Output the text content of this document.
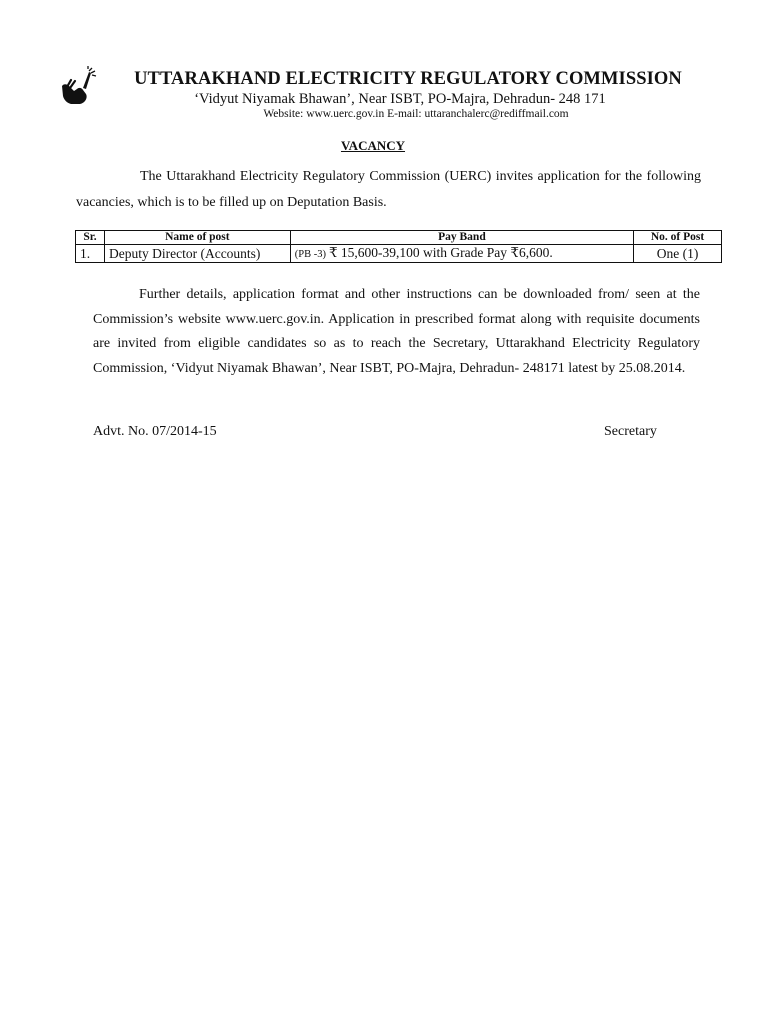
UTTARAKHAND ELECTRICITY REGULATORY COMMISSION
‘Vidyut Niyamak Bhawan’, Near ISBT, PO-Majra, Dehradun- 248 171
Website: www.uerc.gov.in E-mail: uttaranchalerc@rediffmail.com
VACANCY
The Uttarakhand Electricity Regulatory Commission (UERC) invites application for the following vacancies, which is to be filled up on Deputation Basis.
Sr.	Name of post	Pay Band	No. of Post
1.	Deputy Director (Accounts)	(PB -3) ₹ 15,600-39,100 with Grade Pay ₹6,600.	One (1)
Further details, application format and other instructions can be downloaded from/ seen at the Commission’s website www.uerc.gov.in. Application in prescribed format along with requisite documents are invited from eligible candidates so as to reach the Secretary, Uttarakhand Electricity Regulatory Commission, ‘Vidyut Niyamak Bhawan’, Near ISBT, PO-Majra, Dehradun- 248171 latest by 25.08.2014.
Advt. No. 07/2014-15	Secretary
